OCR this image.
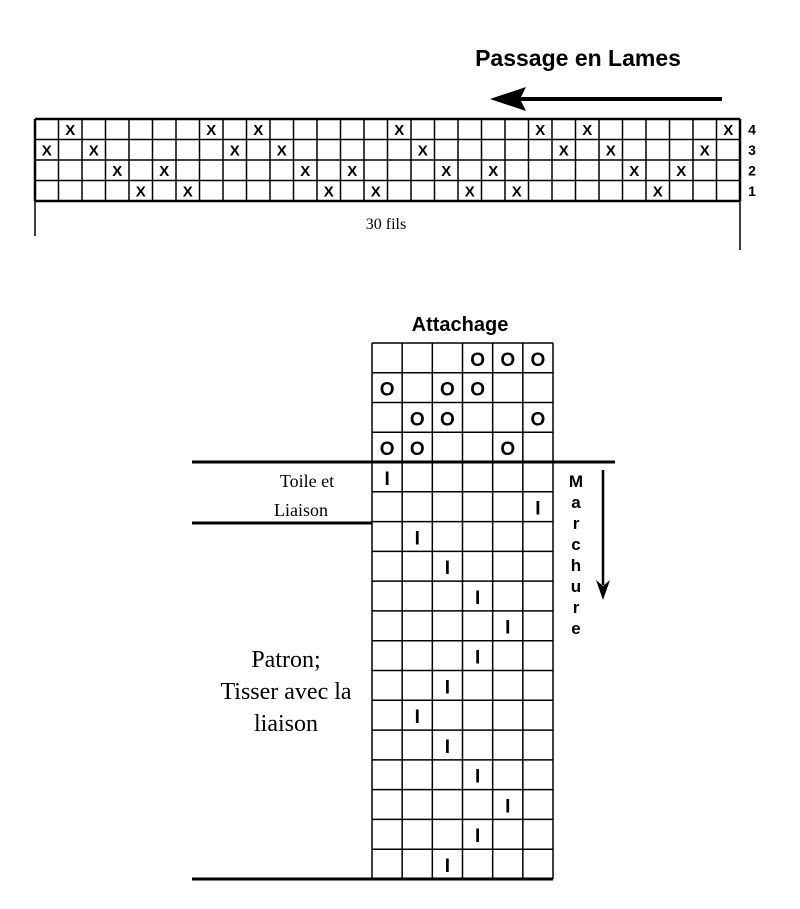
Passage en Lames
Attachage
X
X
X
X
X
X
X
X
X
X
X
X
X
X
X
X
X
X
X
X
X
X
X
X
X
X
X
X
X
X 4
3
2
1
30 fils
O O O
O O O
O O	O
O O	O
I
I
I
I
I
I
I
I
I
I
I
I
I
I
Toile et
Liaison
Patron;
Tisser avec la
liaison
M
a
r
c
h
u
r
e
